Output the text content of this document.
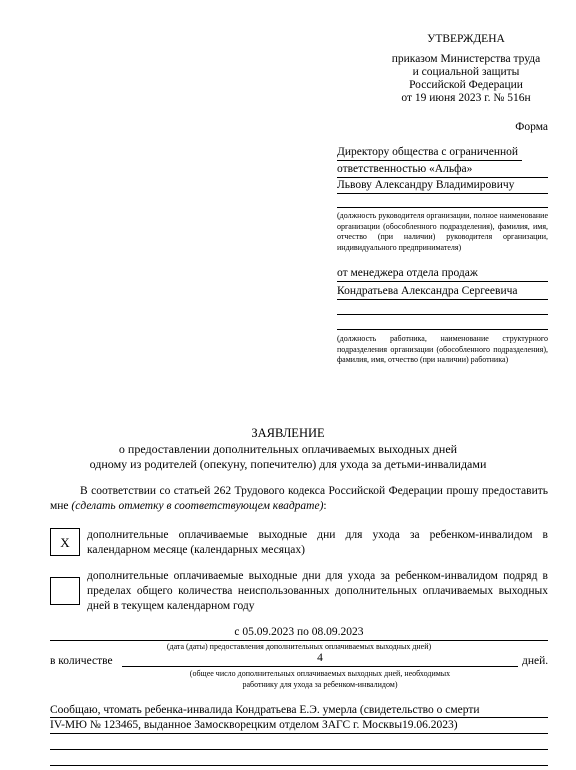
УТВЕРЖДЕНА
приказом Министерства труда
и социальной защиты
Российской Федерации
от 19 июня 2023 г. № 516н
Форма
Директору общества с ограниченной
ответственностью «Альфа»
Львову Александру Владимировичу
(должность руководителя организации, полное наименование организации (обособленного подразделения), фамилия, имя, отчество (при наличии) руководителя организации, индивидуального предпринимателя)
от менеджера отдела продаж
Кондратьева Александра Сергеевича
(должность работника, наименование структурного подразделения организации (обособленного подразделения), фамилия, имя, отчество (при наличии) работника)
ЗАЯВЛЕНИЕ
о предоставлении дополнительных оплачиваемых выходных дней
одному из родителей (опекуну, попечителю) для ухода за детьми-инвалидами
В соответствии со статьей 262 Трудового кодекса Российской Федерации прошу предоставить мне (сделать отметку в соответствующем квадрате):
X	дополнительные оплачиваемые выходные дни для ухода за ребенком-инвалидом в календарном месяце (календарных месяцах)
дополнительные оплачиваемые выходные дни для ухода за ребенком-инвалидом подряд в пределах общего количества неиспользованных дополнительных оплачиваемых выходных дней в текущем календарном году
с 05.09.2023 по 08.09.2023
(дата (даты) предоставления дополнительных оплачиваемых выходных дней)
в количестве	4	дней.
(общее число дополнительных оплачиваемых выходных дней, необходимых
работнику для ухода за ребенком-инвалидом)
Сообщаю, чтомать ребенка-инвалида Кондратьева Е.Э. умерла (свидетельство о смерти
IV-МЮ № 123465, выданное Замоскворецким отделом ЗАГС г. Москвы19.06.2023)
